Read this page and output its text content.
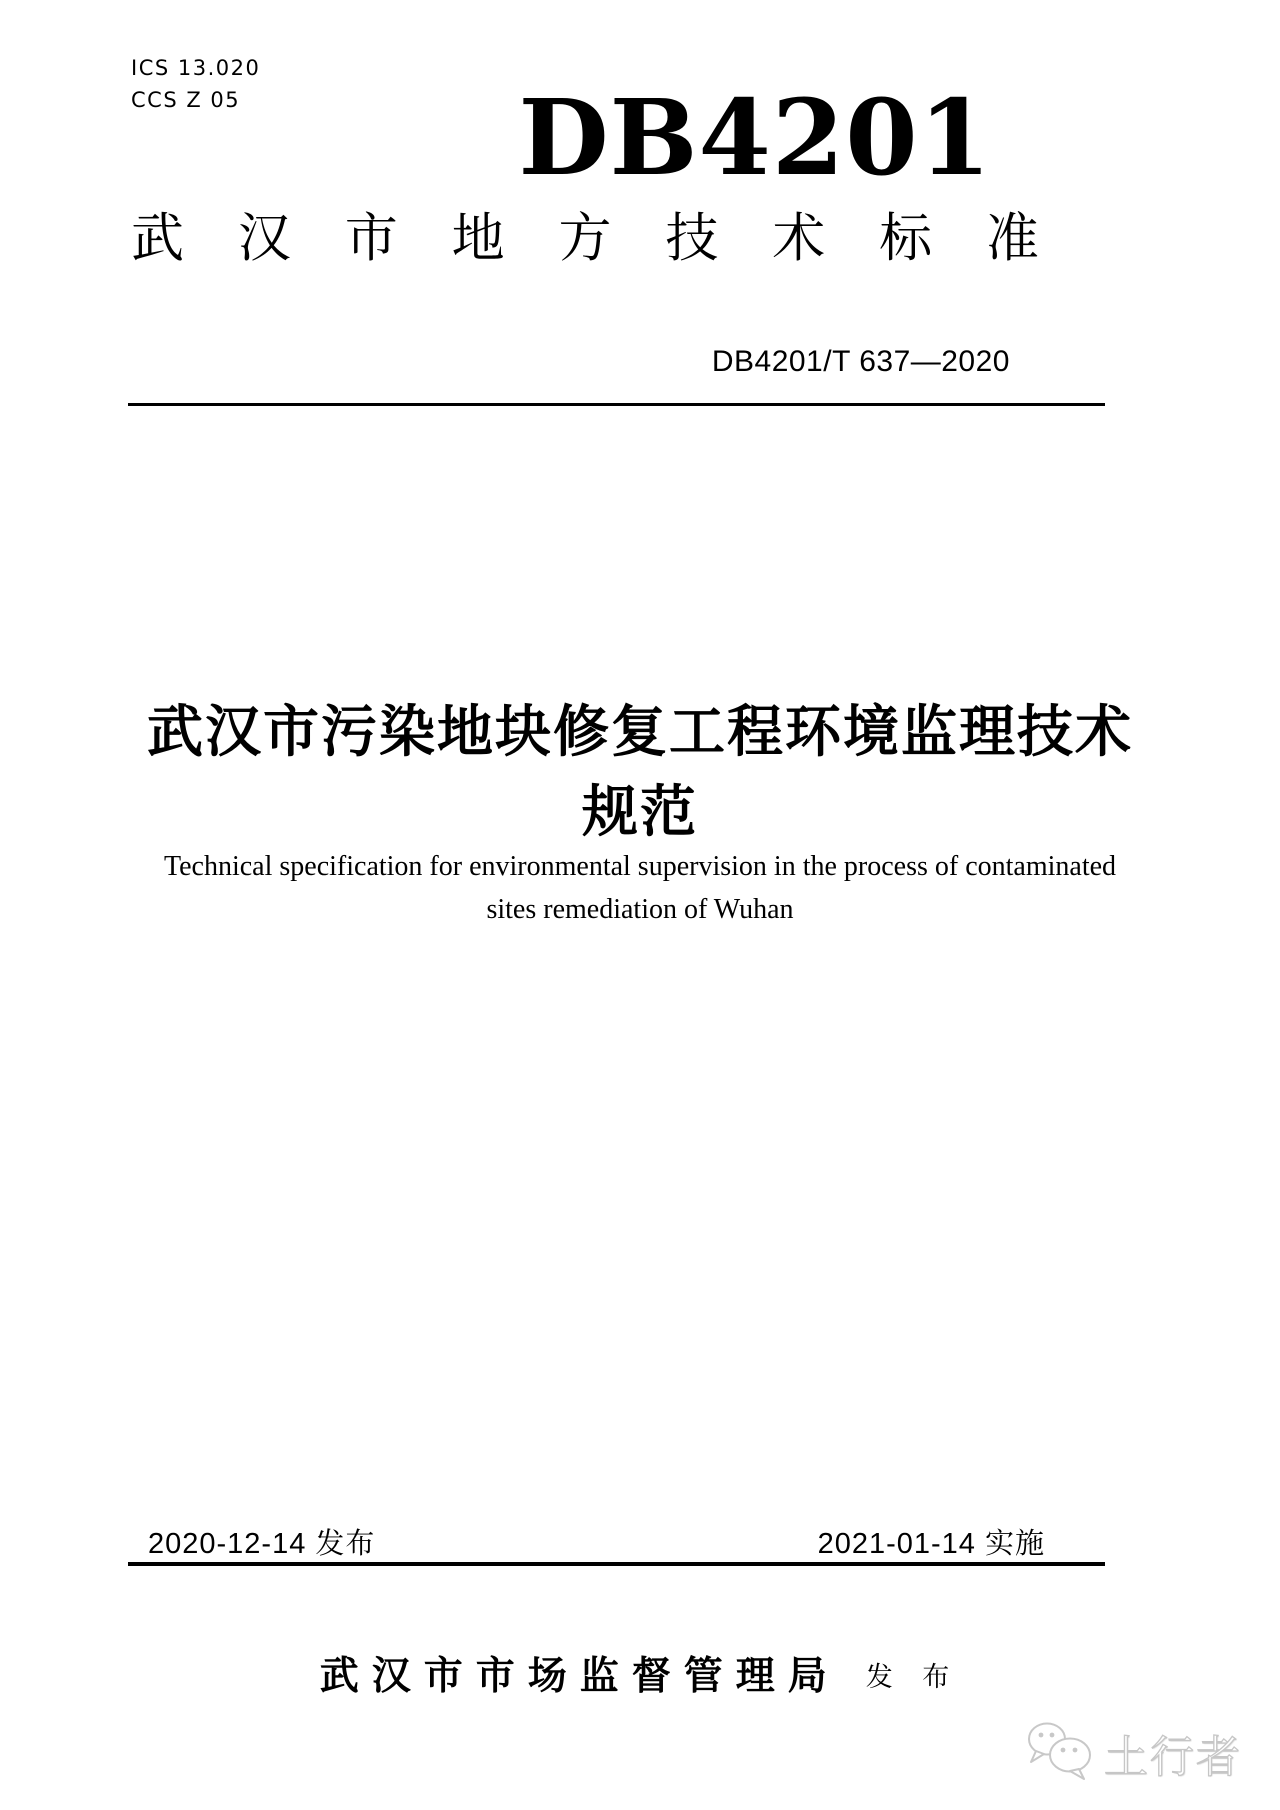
ICS 13.020
CCS Z 05	DB4201
武 汉 市 地 方 技 术 标 准
DB4201/T 637—2020
武汉市污染地块修复工程环境监理技术
规范
Technical specification for environmental supervision in the process of contaminated
sites remediation of Wuhan
2020-12-14 发布	2021-01-14 实施
武汉市市场监督管理局 发 布
土行者
